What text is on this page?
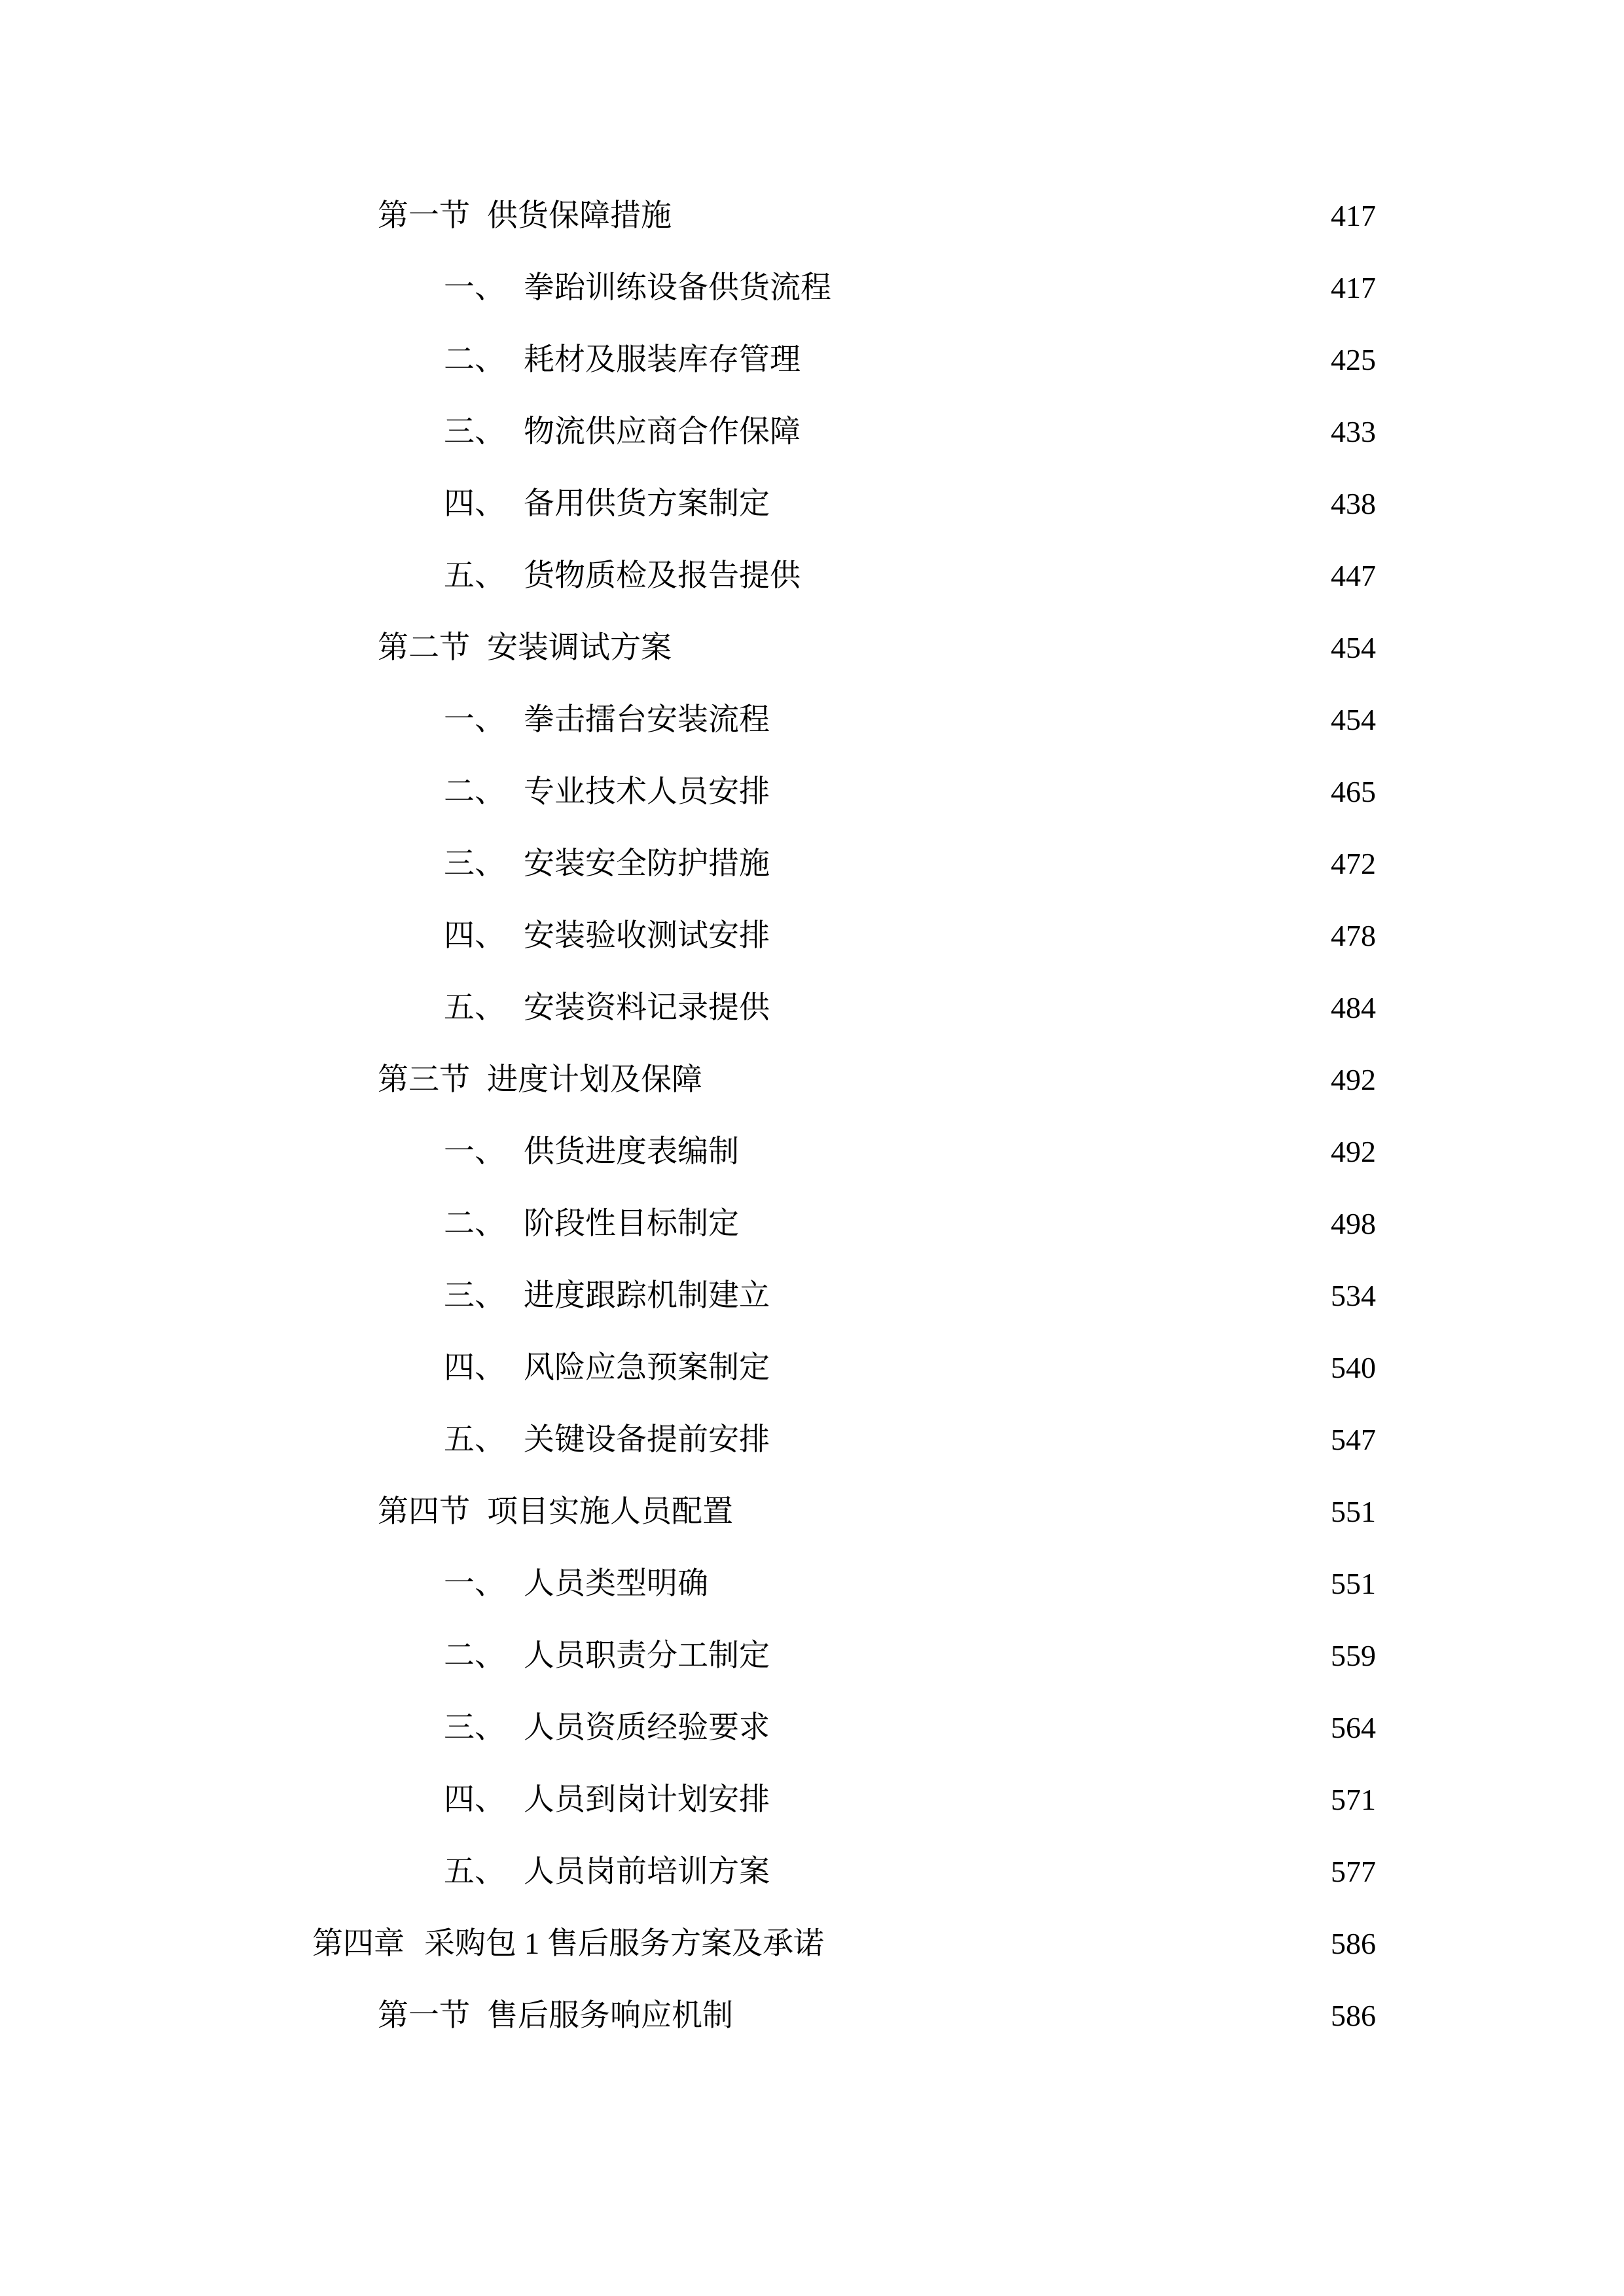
第一节 供货保障措施	417
一、 拳跆训练设备供货流程	417
二、 耗材及服装库存管理	425
三、 物流供应商合作保障	433
四、 备用供货方案制定	438
五、 货物质检及报告提供	447
第二节 安装调试方案	454
一、 拳击擂台安装流程	454
二、 专业技术人员安排	465
三、 安装安全防护措施	472
四、 安装验收测试安排	478
五、 安装资料记录提供	484
第三节 进度计划及保障	492
一、 供货进度表编制	492
二、 阶段性目标制定	498
三、 进度跟踪机制建立	534
四、 风险应急预案制定	540
五、 关键设备提前安排	547
第四节 项目实施人员配置	551
一、 人员类型明确	551
二、 人员职责分工制定	559
三、 人员资质经验要求	564
四、 人员到岗计划安排	571
五、 人员岗前培训方案	577
第四章 采购包 1 售后服务方案及承诺	586
第一节 售后服务响应机制	586
